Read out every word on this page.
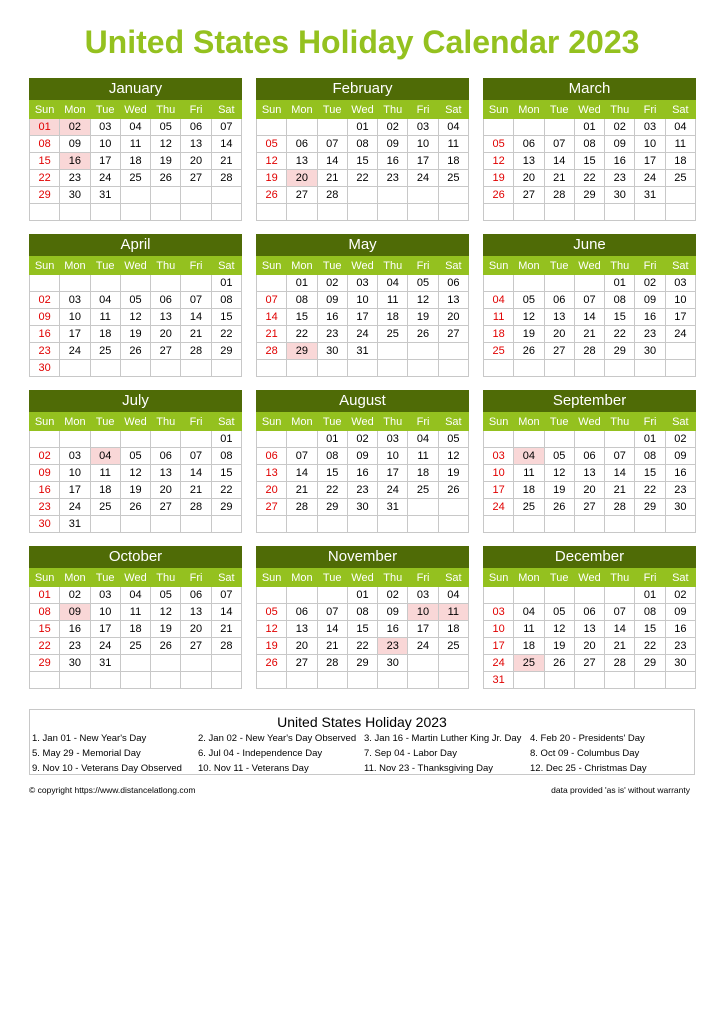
United States Holiday Calendar 2023
January
Sun	Mon	Tue	Wed	Thu	Fri	Sat
01	02	03	04	05	06	07
08	09	10	11	12	13	14
15	16	17	18	19	20	21
22	23	24	25	26	27	28
29	30	31				

February
Sun	Mon	Tue	Wed	Thu	Fri	Sat
			01	02	03	04
05	06	07	08	09	10	11
12	13	14	15	16	17	18
19	20	21	22	23	24	25
26	27	28				

March
Sun	Mon	Tue	Wed	Thu	Fri	Sat
			01	02	03	04
05	06	07	08	09	10	11
12	13	14	15	16	17	18
19	20	21	22	23	24	25
26	27	28	29	30	31	

April
Sun	Mon	Tue	Wed	Thu	Fri	Sat
						01
02	03	04	05	06	07	08
09	10	11	12	13	14	15
16	17	18	19	20	21	22
23	24	25	26	27	28	29
30						
May
Sun	Mon	Tue	Wed	Thu	Fri	Sat
	01	02	03	04	05	06
07	08	09	10	11	12	13
14	15	16	17	18	19	20
21	22	23	24	25	26	27
28	29	30	31			

June
Sun	Mon	Tue	Wed	Thu	Fri	Sat
				01	02	03
04	05	06	07	08	09	10
11	12	13	14	15	16	17
18	19	20	21	22	23	24
25	26	27	28	29	30	

July
Sun	Mon	Tue	Wed	Thu	Fri	Sat
						01
02	03	04	05	06	07	08
09	10	11	12	13	14	15
16	17	18	19	20	21	22
23	24	25	26	27	28	29
30	31					
August
Sun	Mon	Tue	Wed	Thu	Fri	Sat
		01	02	03	04	05
06	07	08	09	10	11	12
13	14	15	16	17	18	19
20	21	22	23	24	25	26
27	28	29	30	31		

September
Sun	Mon	Tue	Wed	Thu	Fri	Sat
					01	02
03	04	05	06	07	08	09
10	11	12	13	14	15	16
17	18	19	20	21	22	23
24	25	26	27	28	29	30

October
Sun	Mon	Tue	Wed	Thu	Fri	Sat
01	02	03	04	05	06	07
08	09	10	11	12	13	14
15	16	17	18	19	20	21
22	23	24	25	26	27	28
29	30	31				

November
Sun	Mon	Tue	Wed	Thu	Fri	Sat
			01	02	03	04
05	06	07	08	09	10	11
12	13	14	15	16	17	18
19	20	21	22	23	24	25
26	27	28	29	30		

December
Sun	Mon	Tue	Wed	Thu	Fri	Sat
					01	02
03	04	05	06	07	08	09
10	11	12	13	14	15	16
17	18	19	20	21	22	23
24	25	26	27	28	29	30
31						
United States Holiday 2023
1. Jan 01 - New Year's Day	2. Jan 02 - New Year's Day Observed 3. Jan 16 - Martin Luther King Jr. Day 4. Feb 20 - Presidents' Day
5. May 29 - Memorial Day	6. Jul 04 - Independence Day	7. Sep 04 - Labor Day	8. Oct 09 - Columbus Day
9. Nov 10 - Veterans Day Observed	10. Nov 11 - Veterans Day	11. Nov 23 - Thanksgiving Day	12. Dec 25 - Christmas Day
© copyright https://www.distancelatlong.com	data provided 'as is' without warranty
